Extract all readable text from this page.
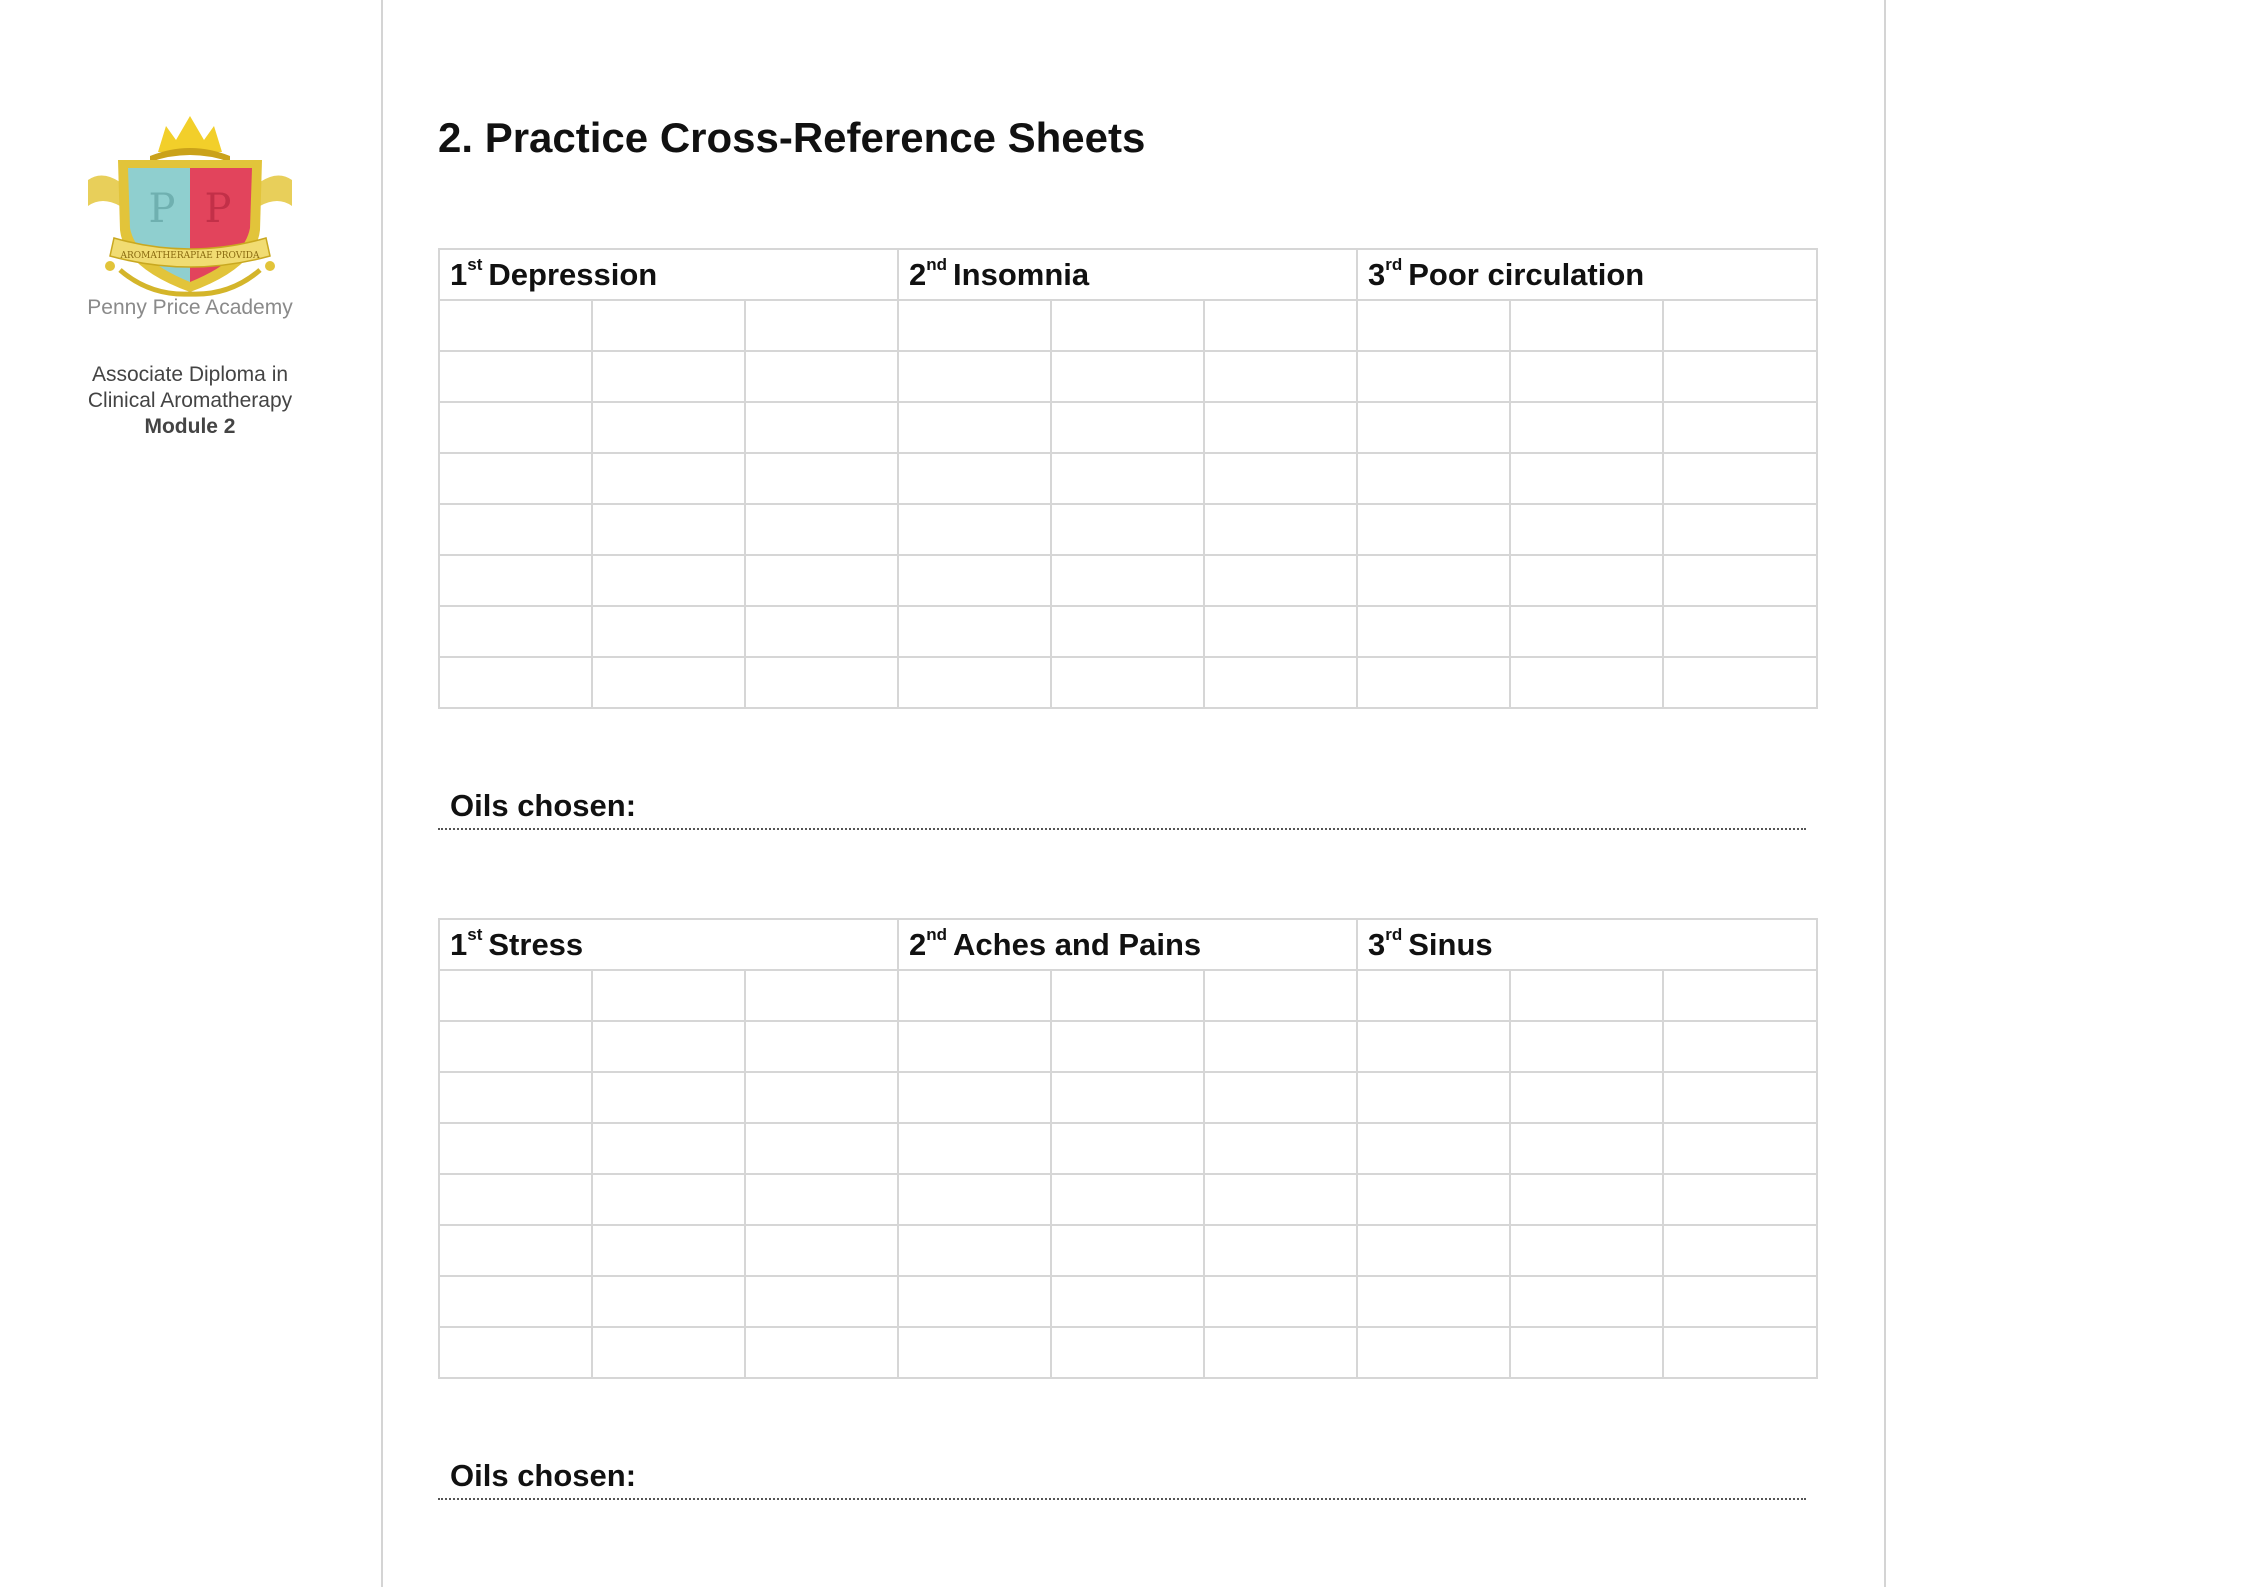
P P
AROMATHERAPIAE PROVIDA
Penny Price Academy
Associate Diploma in
Clinical Aromatherapy
Module 2
2. Practice Cross-Reference Sheets
1st Depression			2nd Insomnia			3rd Poor circulation		

Oils chosen:
1st Stress			2nd Aches and Pains			3rd Sinus		

Oils chosen:
